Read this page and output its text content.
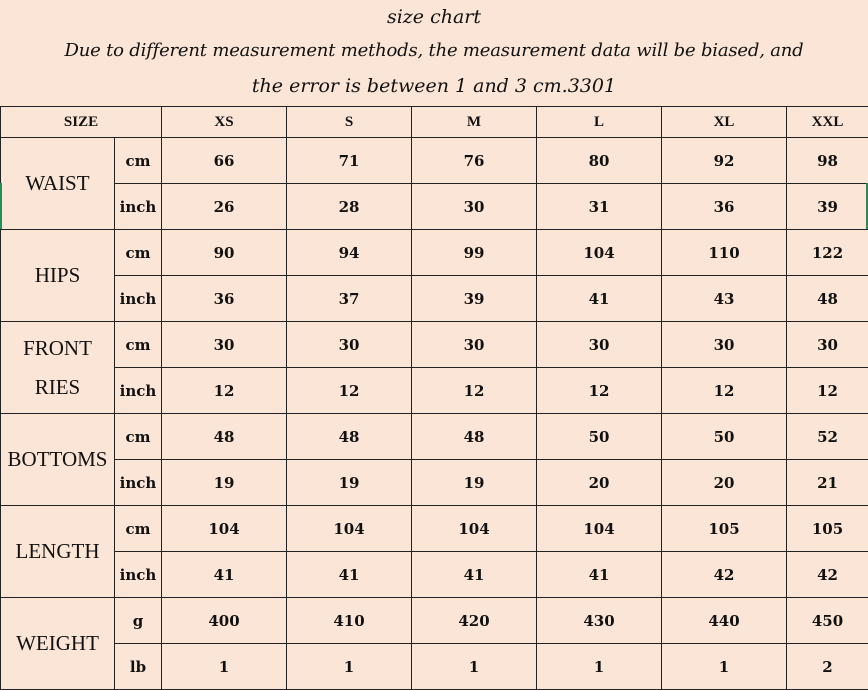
size chart
Due to different measurement methods, the measurement data will be biased, and
the error is between 1 and 3 cm.3301
SIZE		XS	S	M	L	XL	XXL
WAIST	cm	66	71	76	80	92	98
	inch	26	28	30	31	36	39
HIPS	cm	90	94	99	104	110	122
	inch	36	37	39	41	43	48

FRONT
RIES	cm	30	30	30	30	30	30
	inch	12	12	12	12	12	12
BOTTOMS	cm	48	48	48	50	50	52
	inch	19	19	19	20	20	21
LENGTH	cm	104	104	104	104	105	105
	inch	41	41	41	41	42	42
WEIGHT	g	400	410	420	430	440	450
	lb	1	1	1	1	1	2
